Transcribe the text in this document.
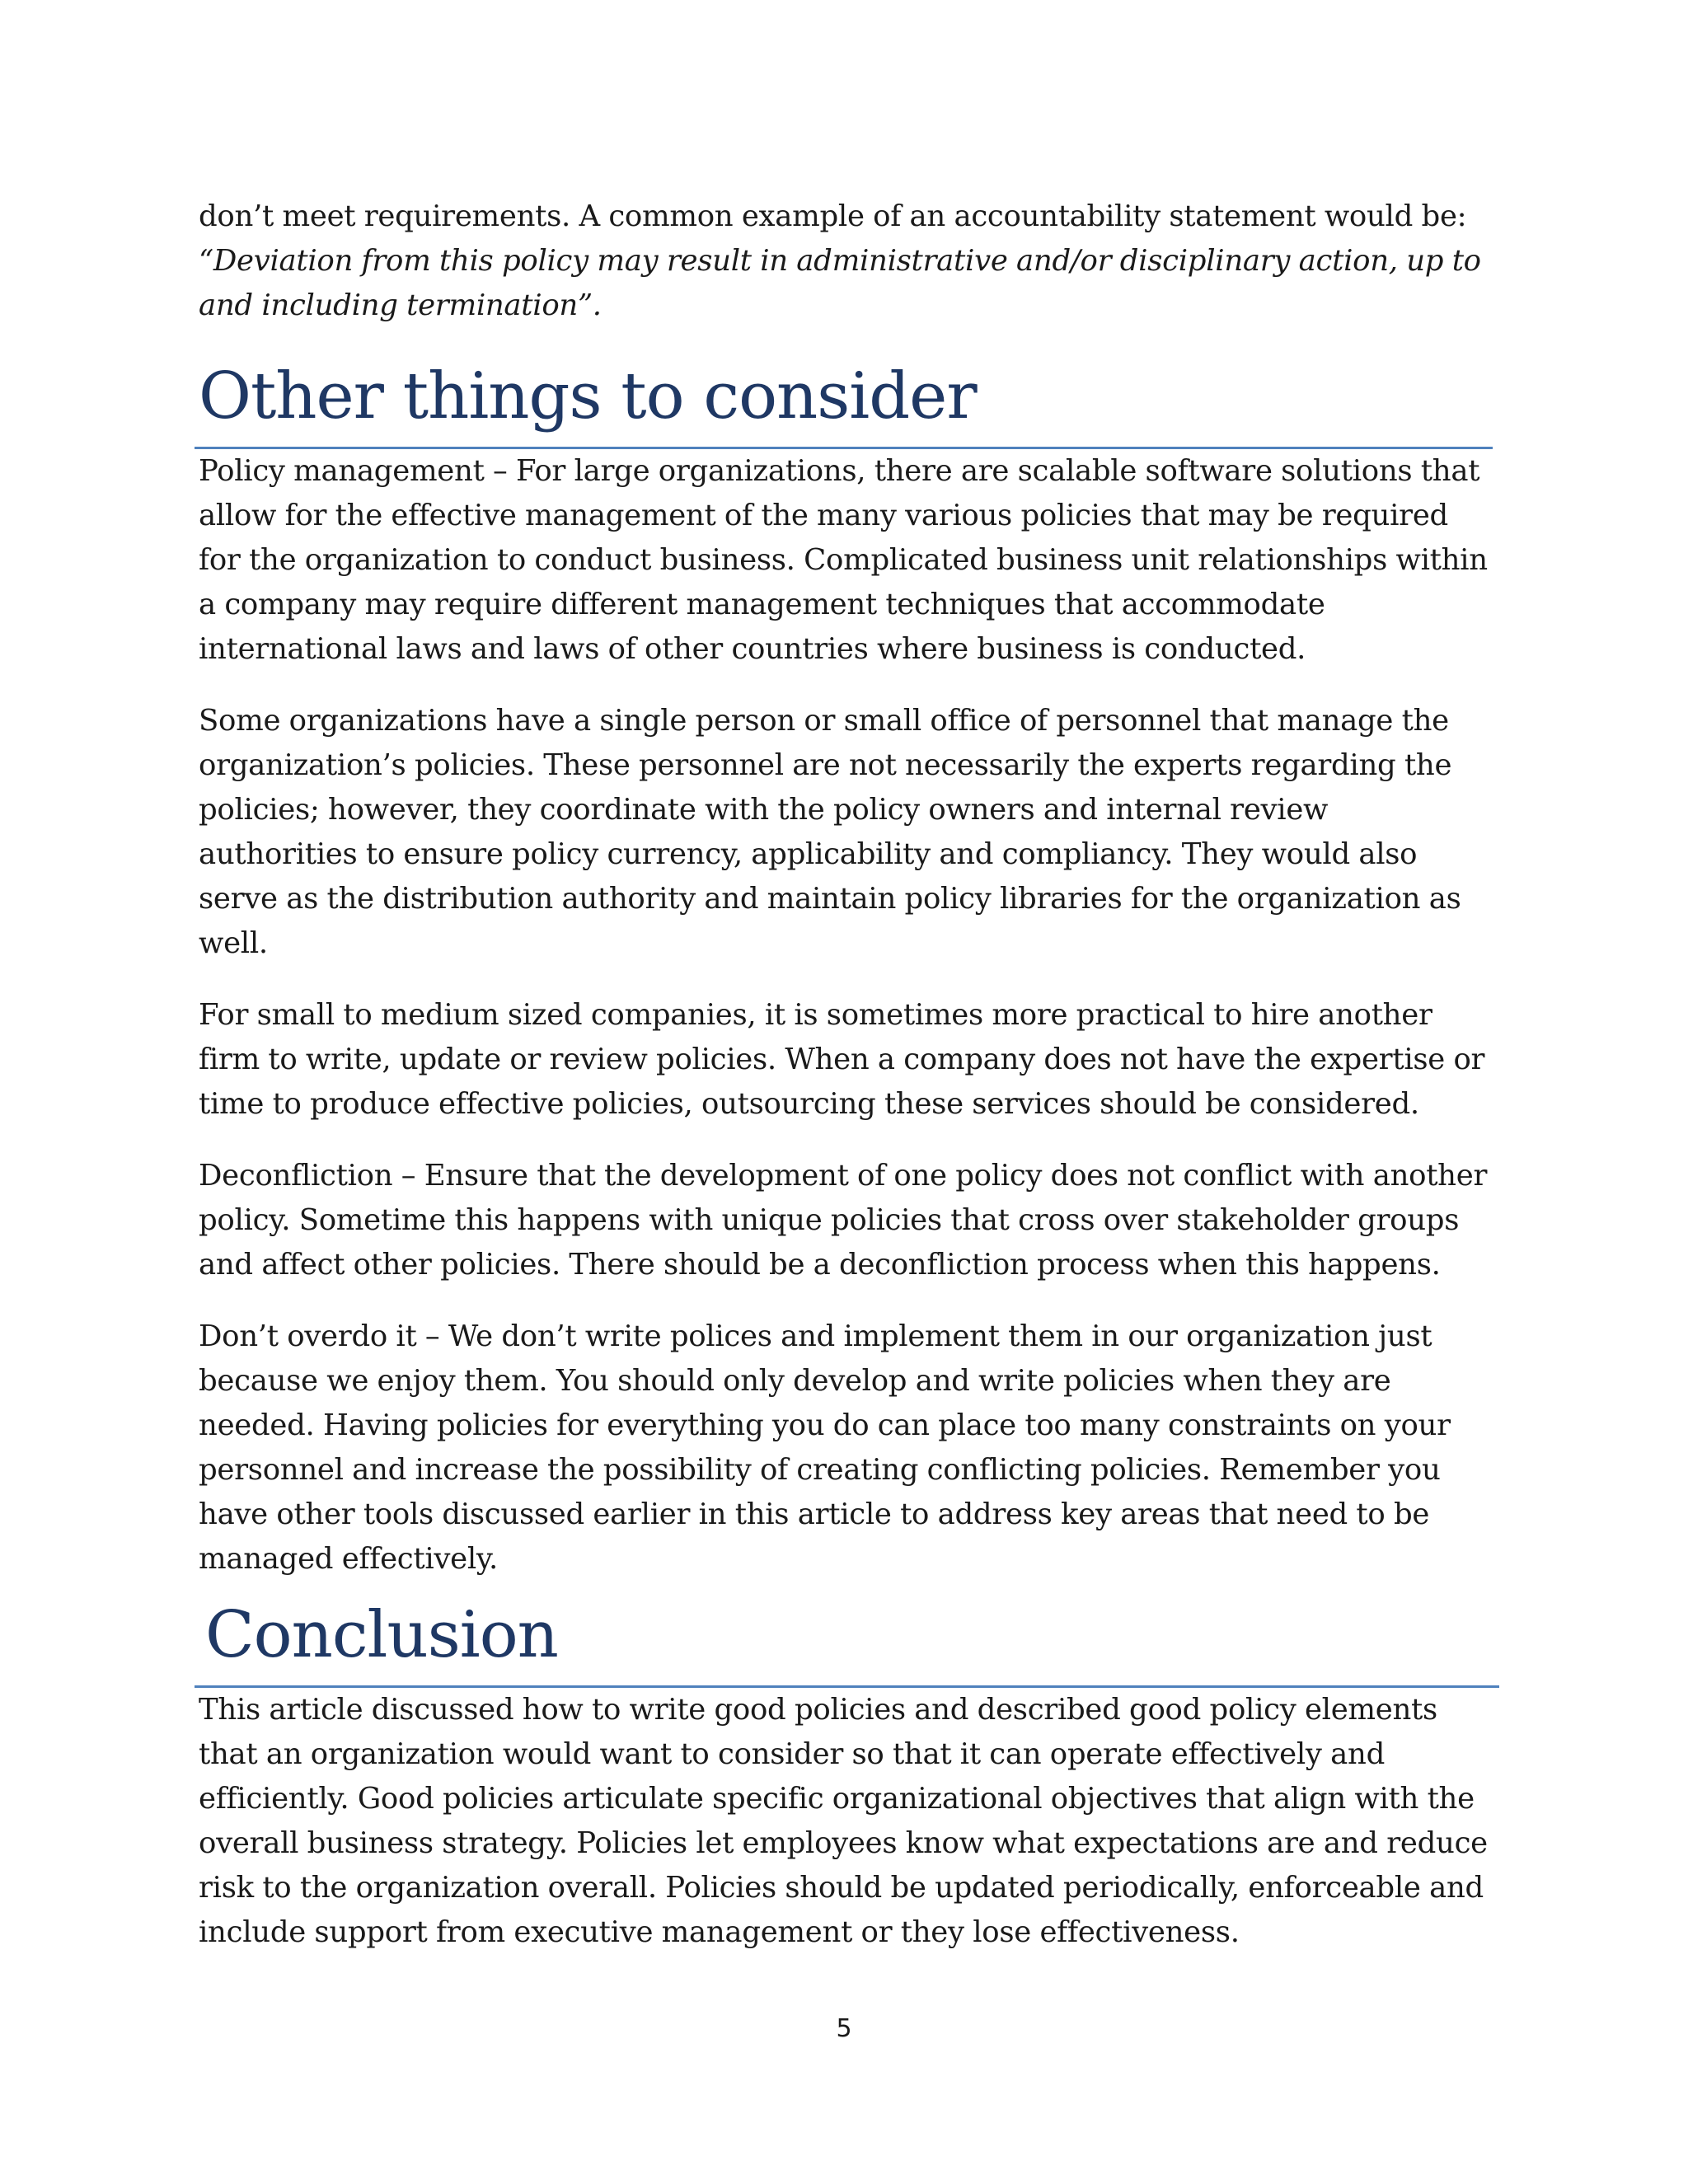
don’t meet requirements. A common example of an accountability statement would be: “Deviation from this policy may result in administrative and/or disciplinary action, up to and including termination”.

Other things to consider

Policy management – For large organizations, there are scalable software solutions that allow for the effective management of the many various policies that may be required for the organization to conduct business. Complicated business unit relationships within a company may require different management techniques that accommodate international laws and laws of other countries where business is conducted.

Some organizations have a single person or small office of personnel that manage the organization’s policies. These personnel are not necessarily the experts regarding the policies; however, they coordinate with the policy owners and internal review authorities to ensure policy currency, applicability and compliancy. They would also serve as the distribution authority and maintain policy libraries for the organization as well.

For small to medium sized companies, it is sometimes more practical to hire another firm to write, update or review policies. When a company does not have the expertise or time to produce effective policies, outsourcing these services should be considered.

Deconfliction – Ensure that the development of one policy does not conflict with another policy. Sometime this happens with unique policies that cross over stakeholder groups and affect other policies. There should be a deconfliction process when this happens.

Don’t overdo it – We don’t write polices and implement them in our organization just because we enjoy them. You should only develop and write policies when they are needed. Having policies for everything you do can place too many constraints on your personnel and increase the possibility of creating conflicting policies. Remember you have other tools discussed earlier in this article to address key areas that need to be managed effectively.

Conclusion

This article discussed how to write good policies and described good policy elements that an organization would want to consider so that it can operate effectively and efficiently. Good policies articulate specific organizational objectives that align with the overall business strategy. Policies let employees know what expectations are and reduce risk to the organization overall. Policies should be updated periodically, enforceable and include support from executive management or they lose effectiveness.

5
